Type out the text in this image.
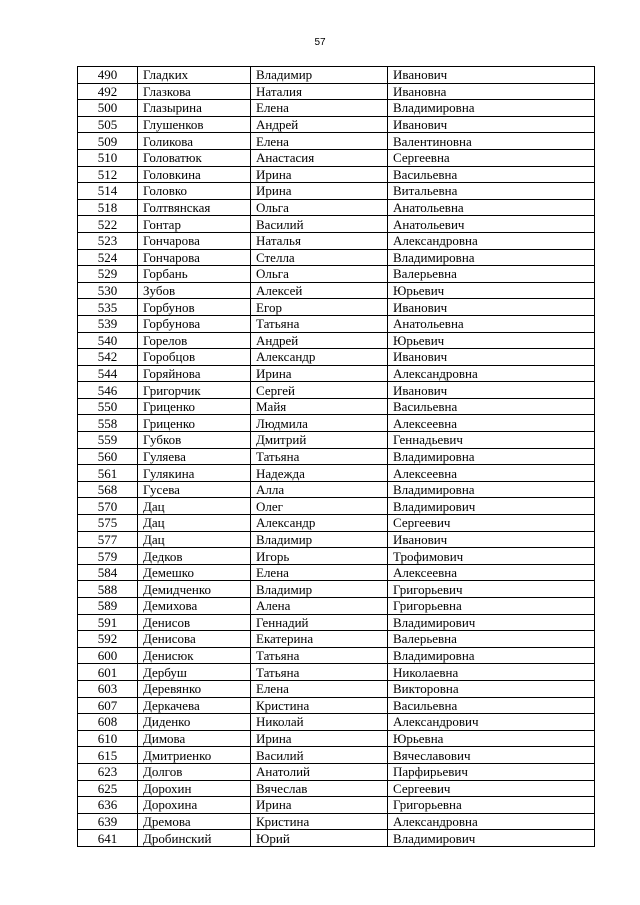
57
490	Гладких	Владимир	Иванович
492	Глазкова	Наталия	Ивановна
500	Глазырина	Елена	Владимировна
505	Глушенков	Андрей	Иванович
509	Голикова	Елена	Валентиновна
510	Головатюк	Анастасия	Сергеевна
512	Головкина	Ирина	Васильевна
514	Головко	Ирина	Витальевна
518	Голтвянская	Ольга	Анатольевна
522	Гонтар	Василий	Анатольевич
523	Гончарова	Наталья	Александровна
524	Гончарова	Стелла	Владимировна
529	Горбань	Ольга	Валерьевна
530	Зубов	Алексей	Юрьевич
535	Горбунов	Егор	Иванович
539	Горбунова	Татьяна	Анатольевна
540	Горелов	Андрей	Юрьевич
542	Горобцов	Александр	Иванович
544	Горяйнова	Ирина	Александровна
546	Григорчик	Сергей	Иванович
550	Гриценко	Майя	Васильевна
558	Гриценко	Людмила	Алексеевна
559	Губков	Дмитрий	Геннадьевич
560	Гуляева	Татьяна	Владимировна
561	Гулякина	Надежда	Алексеевна
568	Гусева	Алла	Владимировна
570	Дац	Олег	Владимирович
575	Дац	Александр	Сергеевич
577	Дац	Владимир	Иванович
579	Дедков	Игорь	Трофимович
584	Демешко	Елена	Алексеевна
588	Демидченко	Владимир	Григорьевич
589	Демихова	Алена	Григорьевна
591	Денисов	Геннадий	Владимирович
592	Денисова	Екатерина	Валерьевна
600	Денисюк	Татьяна	Владимировна
601	Дербуш	Татьяна	Николаевна
603	Деревянко	Елена	Викторовна
607	Деркачева	Кристина	Васильевна
608	Диденко	Николай	Александрович
610	Димова	Ирина	Юрьевна
615	Дмитриенко	Василий	Вячеславович
623	Долгов	Анатолий	Парфирьевич
625	Дорохин	Вячеслав	Сергеевич
636	Дорохина	Ирина	Григорьевна
639	Дремова	Кристина	Александровна
641	Дробинский	Юрий	Владимирович
